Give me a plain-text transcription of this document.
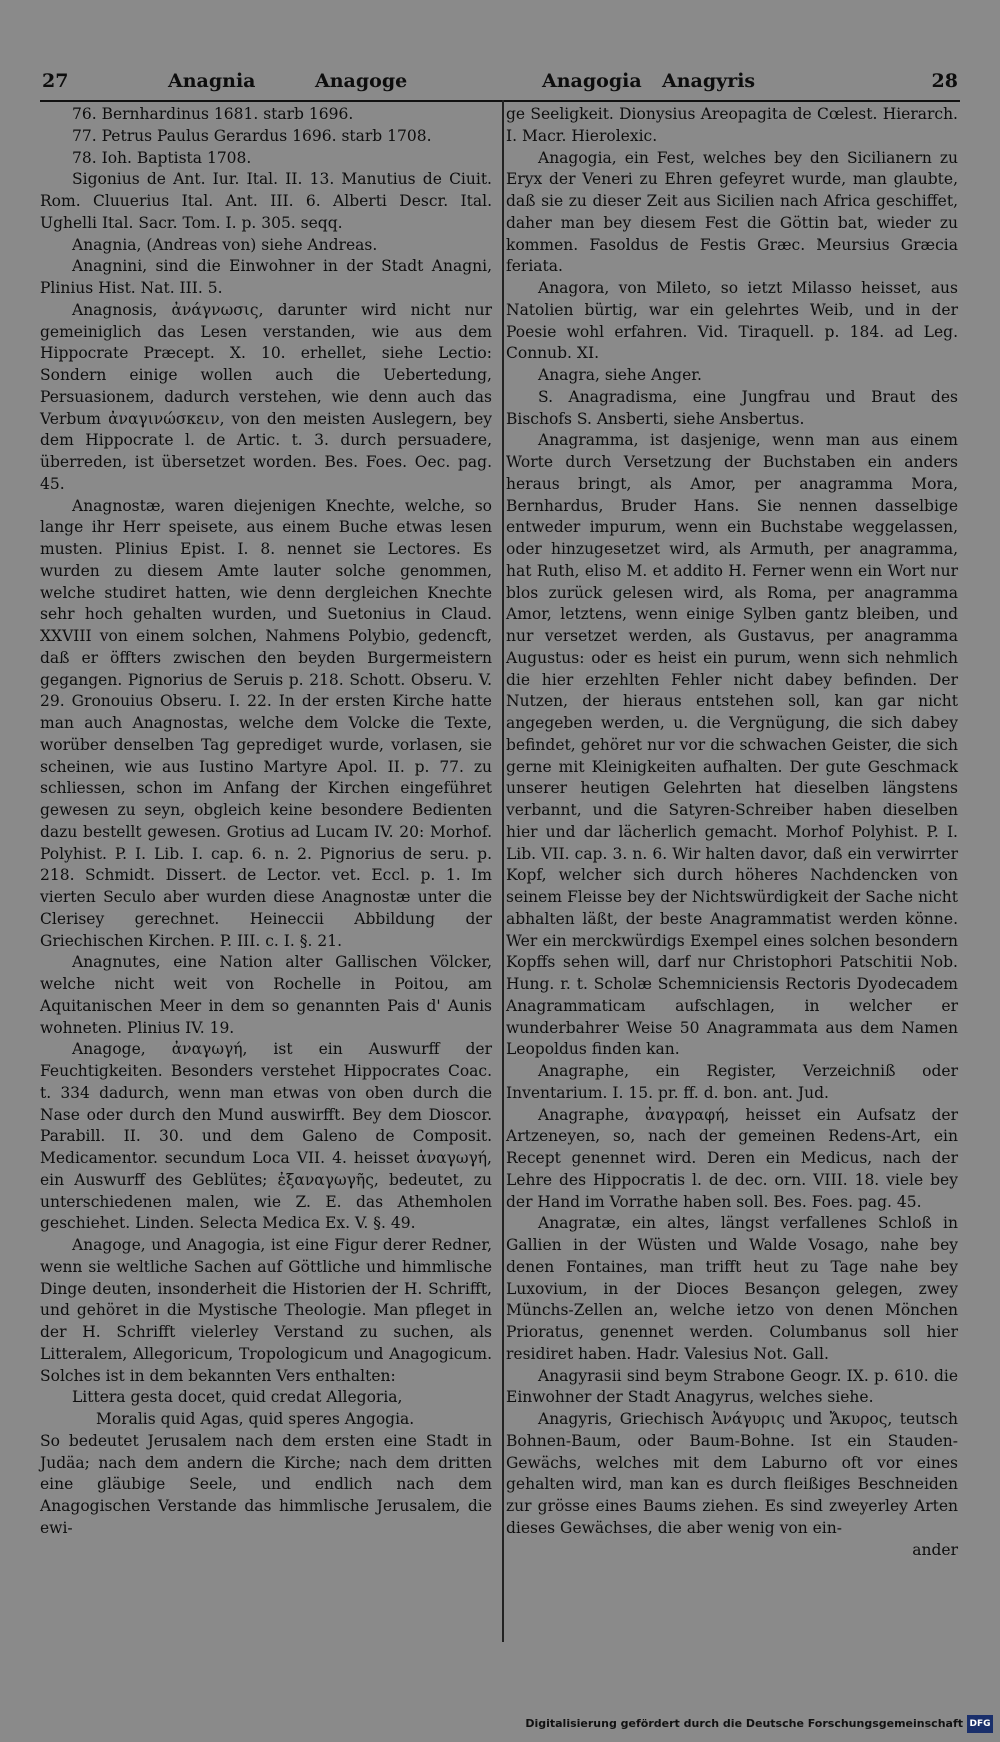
27	Anagnia	Anagoge	Anagogia Anagyris	28

76. Bernhardinus 1681. starb 1696.

77. Petrus Paulus Gerardus 1696. starb 1708.

78. Ioh. Baptista 1708.

Sigonius de Ant. Iur. Ital. II. 13. Manutius de Ciuit. Rom. Cluuerius Ital. Ant. III. 6. Alberti Descr. Ital. Ughelli Ital. Sacr. Tom. I. p. 305. seqq.

Anagnia, (Andreas von) siehe Andreas.

Anagnini, sind die Einwohner in der Stadt Anagni, Plinius Hist. Nat. III. 5.

Anagnosis, ἀνάγνωσις, darunter wird nicht nur gemeiniglich das Lesen verstanden, wie aus dem Hippocrate Præcept. X. 10. erhellet, siehe Lectio: Sondern einige wollen auch die Uebertedung, Persuasionem, dadurch verstehen, wie denn auch das Verbum ἀναγινώσκειν, von den meisten Auslegern, bey dem Hippocrate l. de Artic. t. 3. durch persuadere, überreden, ist übersetzet worden. Bes. Foes. Oec. pag. 45.

Anagnostæ, waren diejenigen Knechte, welche, so lange ihr Herr speisete, aus einem Buche etwas lesen musten. Plinius Epist. I. 8. nennet sie Lectores. Es wurden zu diesem Amte lauter solche genommen, welche studiret hatten, wie denn dergleichen Knechte sehr hoch gehalten wurden, und Suetonius in Claud. XXVIII von einem solchen, Nahmens Polybio, gedencft, daß er öffters zwischen den beyden Burgermeistern gegangen. Pignorius de Seruis p. 218. Schott. Obseru. V. 29. Gronouius Obseru. I. 22. In der ersten Kirche hatte man auch Anagnostas, welche dem Volcke die Texte, worüber denselben Tag geprediget wurde, vorlasen, sie scheinen, wie aus Iustino Martyre Apol. II. p. 77. zu schliessen, schon im Anfang der Kirchen eingeführet gewesen zu seyn, obgleich keine besondere Bedienten dazu bestellt gewesen. Grotius ad Lucam IV. 20: Morhof. Polyhist. P. I. Lib. I. cap. 6. n. 2. Pignorius de seru. p. 218. Schmidt. Dissert. de Lector. vet. Eccl. p. 1. Im vierten Seculo aber wurden diese Anagnostæ unter die Clerisey gerechnet. Heineccii Abbildung der Griechischen Kirchen. P. III. c. I. §. 21.

Anagnutes, eine Nation alter Gallischen Völcker, welche nicht weit von Rochelle in Poitou, am Aquitanischen Meer in dem so genannten Pais d' Aunis wohneten. Plinius IV. 19.

Anagoge, ἀναγωγή, ist ein Auswurff der Feuchtigkeiten. Besonders verstehet Hippocrates Coac. t. 334 dadurch, wenn man etwas von oben durch die Nase oder durch den Mund auswirfft. Bey dem Dioscor. Parabill. II. 30. und dem Galeno de Composit. Medicamentor. secundum Loca VII. 4. heisset ἀναγωγή, ein Auswurff des Geblütes; ἐξαναγωγῆς, bedeutet, zu unterschiedenen malen, wie Z. E. das Athemholen geschiehet. Linden. Selecta Medica Ex. V. §. 49.

Anagoge, und Anagogia, ist eine Figur derer Redner, wenn sie weltliche Sachen auf Göttliche und himmlische Dinge deuten, insonderheit die Historien der H. Schrifft, und gehöret in die Mystische Theologie. Man pfleget in der H. Schrifft vielerley Verstand zu suchen, als Litteralem, Allegoricum, Tropologicum und Anagogicum. Solches ist in dem bekannten Vers enthalten:

Littera gesta docet, quid credat Allegoria,

Moralis quid Agas, quid speres Angogia.

So bedeutet Jerusalem nach dem ersten eine Stadt in Judäa; nach dem andern die Kirche; nach dem dritten eine gläubige Seele, und endlich nach dem Anagogischen Verstande das himmlische Jerusalem, die ewi-

ge Seeligkeit. Dionysius Areopagita de Cœlest. Hierarch. I. Macr. Hierolexic.

Anagogia, ein Fest, welches bey den Sicilianern zu Eryx der Veneri zu Ehren gefeyret wurde, man glaubte, daß sie zu dieser Zeit aus Sicilien nach Africa geschiffet, daher man bey diesem Fest die Göttin bat, wieder zu kommen. Fasoldus de Festis Græc. Meursius Græcia feriata.

Anagora, von Mileto, so ietzt Milasso heisset, aus Natolien bürtig, war ein gelehrtes Weib, und in der Poesie wohl erfahren. Vid. Tiraquell. p. 184. ad Leg. Connub. XI.

Anagra, siehe Anger.

S. Anagradisma, eine Jungfrau und Braut des Bischofs S. Ansberti, siehe Ansbertus.

Anagramma, ist dasjenige, wenn man aus einem Worte durch Versetzung der Buchstaben ein anders heraus bringt, als Amor, per anagramma Mora, Bernhardus, Bruder Hans. Sie nennen dasselbige entweder impurum, wenn ein Buchstabe weggelassen, oder hinzugesetzet wird, als Armuth, per anagramma, hat Ruth, eliso M. et addito H. Ferner wenn ein Wort nur blos zurück gelesen wird, als Roma, per anagramma Amor, letztens, wenn einige Sylben gantz bleiben, und nur versetzet werden, als Gustavus, per anagramma Augustus: oder es heist ein purum, wenn sich nehmlich die hier erzehlten Fehler nicht dabey befinden. Der Nutzen, der hieraus entstehen soll, kan gar nicht angegeben werden, u. die Vergnügung, die sich dabey befindet, gehöret nur vor die schwachen Geister, die sich gerne mit Kleinigkeiten aufhalten. Der gute Geschmack unserer heutigen Gelehrten hat dieselben längstens verbannt, und die Satyren-Schreiber haben dieselben hier und dar lächerlich gemacht. Morhof Polyhist. P. I. Lib. VII. cap. 3. n. 6. Wir halten davor, daß ein verwirrter Kopf, welcher sich durch höheres Nachdencken von seinem Fleisse bey der Nichtswürdigkeit der Sache nicht abhalten läßt, der beste Anagrammatist werden könne. Wer ein merckwürdigs Exempel eines solchen besondern Kopffs sehen will, darf nur Christophori Patschitii Nob. Hung. r. t. Scholæ Schemniciensis Rectoris Dyodecadem Anagrammaticam aufschlagen, in welcher er wunderbahrer Weise 50 Anagrammata aus dem Namen Leopoldus finden kan.

Anagraphe, ein Register, Verzeichniß oder Inventarium. I. 15. pr. ff. d. bon. ant. Jud.

Anagraphe, ἀναγραφή, heisset ein Aufsatz der Artzeneyen, so, nach der gemeinen Redens-Art, ein Recept genennet wird. Deren ein Medicus, nach der Lehre des Hippocratis l. de dec. orn. VIII. 18. viele bey der Hand im Vorrathe haben soll. Bes. Foes. pag. 45.

Anagratæ, ein altes, längst verfallenes Schloß in Gallien in der Wüsten und Walde Vosago, nahe bey denen Fontaines, man trifft heut zu Tage nahe bey Luxovium, in der Dioces Besançon gelegen, zwey Münchs-Zellen an, welche ietzo von denen Mönchen Prioratus, genennet werden. Columbanus soll hier residiret haben. Hadr. Valesius Not. Gall.

Anagyrasii sind beym Strabone Geogr. IX. p. 610. die Einwohner der Stadt Anagyrus, welches siehe.

Anagyris, Griechisch Ἀνάγυρις und Ἄκυρος, teutsch Bohnen-Baum, oder Baum-Bohne. Ist ein Stauden-Gewächs, welches mit dem Laburno oft vor eines gehalten wird, man kan es durch fleißiges Beschneiden zur grösse eines Baums ziehen. Es sind zweyerley Arten dieses Gewächses, die aber wenig von ein-

ander

Digitalisierung gefördert durch die Deutsche Forschungsgemeinschaft DFG
